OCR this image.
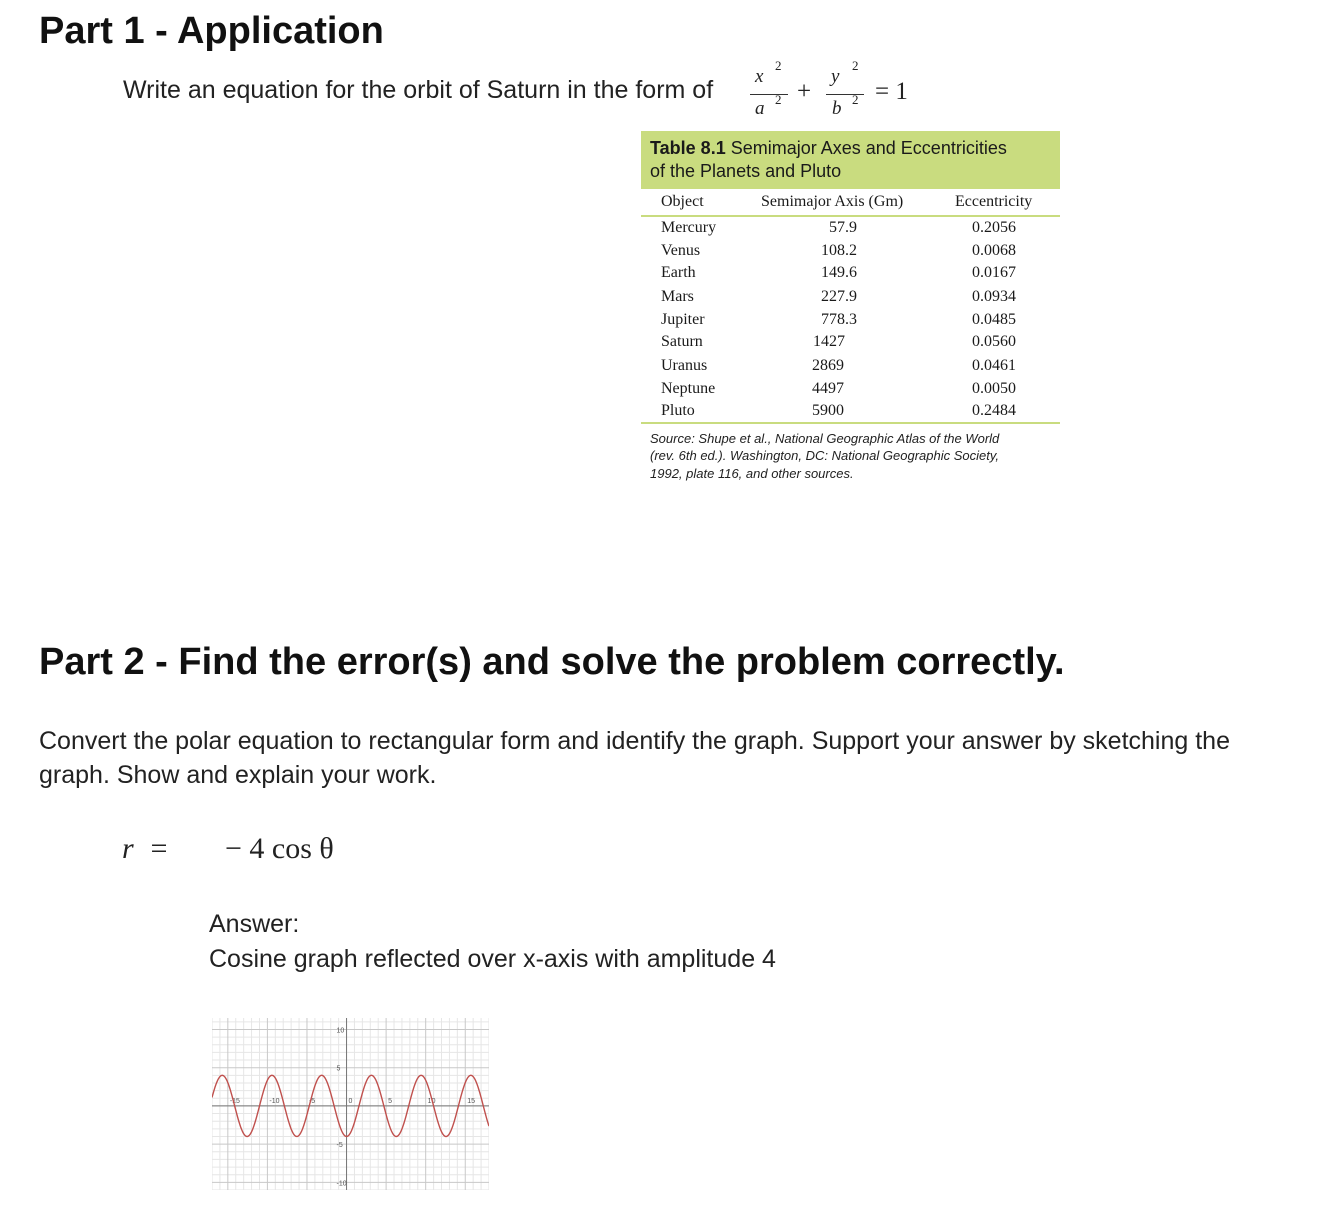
Part 1 - Application
Write an equation for the orbit of Saturn in the form of x
2
a 2 +
y
2
b 2 = 1
Table 8.1 Semimajor Axes and Eccentricities
of the Planets and Pluto
Object	Semimajor Axis (Gm)	Eccentricity
Mercury	57.9	0.2056
Venus	108.2	0.0068
Earth	149.6	0.0167
Mars	227.9	0.0934
Jupiter	778.3	0.0485
Saturn	1427	0.0560
Uranus	2869	0.0461
Neptune	4497	0.0050
Pluto	5900	0.2484
Source: Shupe et al., National Geographic Atlas of the World
(rev. 6th ed.). Washington, DC: National Geographic Society,
1992, plate 116, and other sources.
Part 2 - Find the error(s) and solve the problem correctly.
Convert the polar equation to rectangular form and identify the graph. Support your answer by sketching the
graph. Show and explain your work.
r  = − 4 cos θ
Answer:
Cosine graph reflected over x-axis with amplitude 4
-15	-10	-5	0	5	10	15
10
5
-5
-10
